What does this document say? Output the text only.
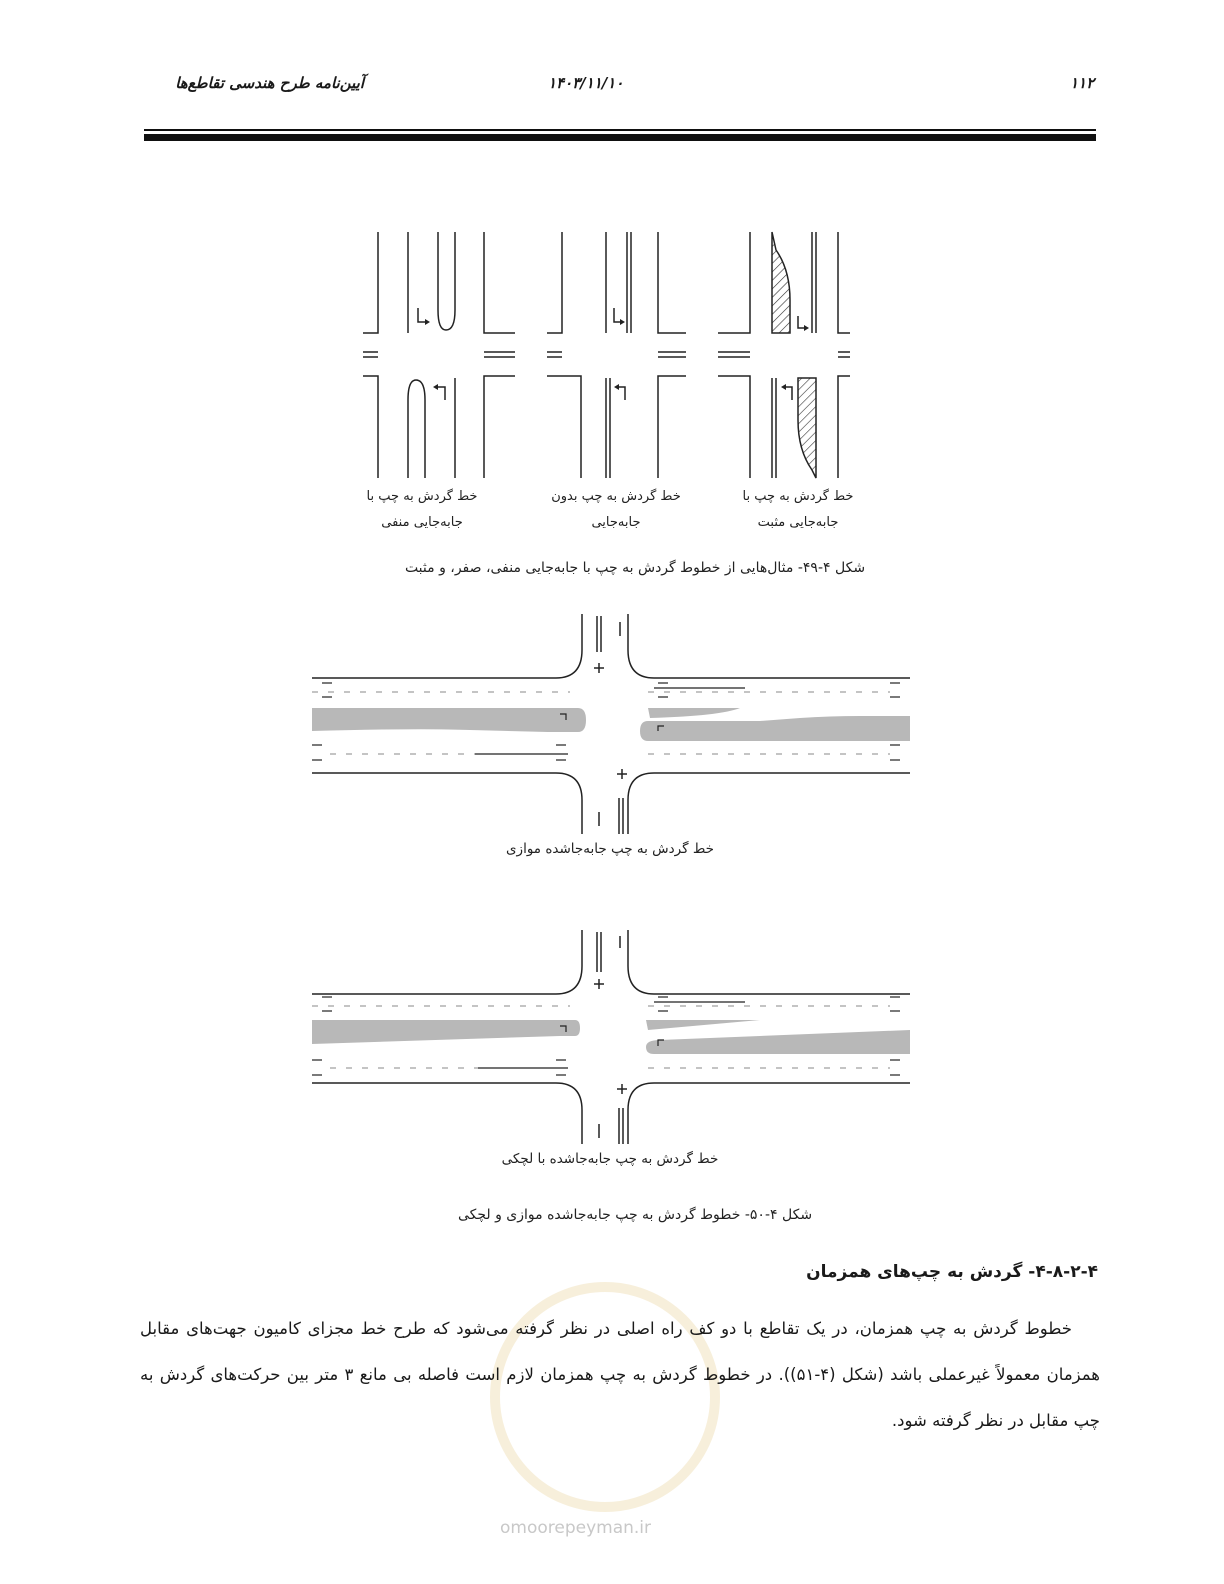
آیین‌نامه طرح هندسی تقاطع‌ها	۱۴۰۳/۱۱/۱۰	۱۱۲
خط گردش به چپ با
جابه‌جایی منفی
خط گردش به چپ بدون
جابه‌جایی
خط گردش به چپ با
جابه‌جایی مثبت
شکل ۴-۴۹- مثال‌هایی از خطوط گردش به چپ با جابه‌جایی منفی، صفر، و مثبت
خط گردش به چپ جابه‌جاشده موازی
خط گردش به چپ جابه‌جاشده با لچکی
شکل ۴-۵۰- خطوط گردش به چپ جابه‌جاشده موازی و لچکی
omoorepeyman.ir
۴-۸-۲-۴- گردش به چپ‌های همزمان
خطوط گردش به چپ همزمان، در یک تقاطع با دو کف راه اصلی در نظر گرفته می‌شود که طرح خط مجزای کامیون جهت‌های مقابل همزمان معمولاً غیرعملی باشد (شکل (۴-۵۱)). در خطوط گردش به چپ همزمان لازم است فاصله بی مانع ۳ متر بین حرکت‌های گردش به چپ مقابل در نظر گرفته شود.
